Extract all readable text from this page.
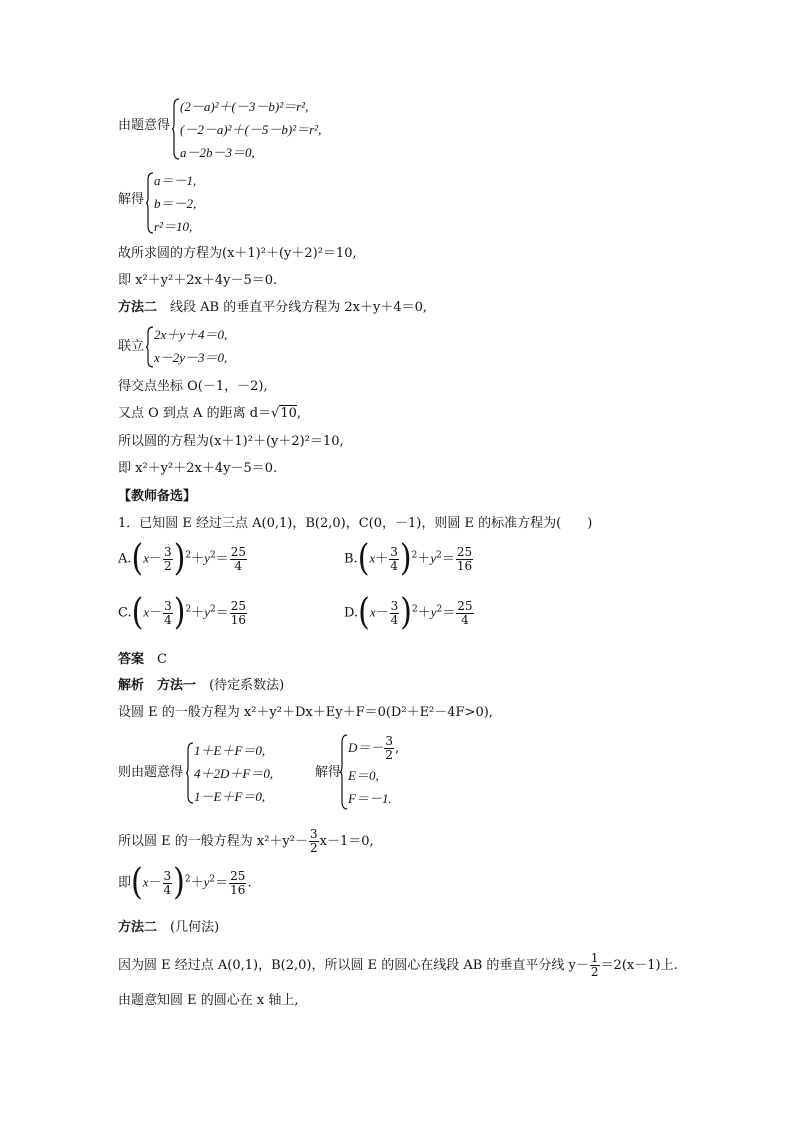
由题意得
(2－a)²＋(－3－b)²＝r²,
(－2－a)²＋(－5－b)²＝r²,
a－2b－3＝0,
解得
a＝－1,
b＝－2,
r²＝10,
故所求圆的方程为(x＋1)²＋(y＋2)²＝10,
即 x²＋y²＋2x＋4y－5＝0.
方法二　 线段 AB 的垂直平分线方程为 2x＋y＋4＝0,
联立
2x＋y＋4＝0,
x－2y－3＝0,
得交点坐标 O(－1，－2),
又点 O 到点 A 的距离 d＝√10,
所以圆的方程为(x＋1)²＋(y＋2)²＝10,
即 x²＋y²＋2x＋4y－5＝0.
【教师备选】
1．已知圆 E 经过三点 A(0,1)，B(2,0)，C(0，－1)，则圆 E 的标准方程为(　　)
$A.(x- \frac{3}{2} )^2+y^2= \frac{25}{4}$	$B.(x+ \frac{3}{4} )^2+y^2= \frac{25}{16}$
$C.(x- \frac{3}{4} )^2+y^2= \frac{25}{16}$	$D.(x- \frac{3}{4} )^2+y^2= \frac{25}{4}$
答案　 C
解析　 方法一　 (待定系数法)
设圆 E 的一般方程为 x²＋y²＋Dx＋Ey＋F＝0(D²＋E²－4F>0),
则由题意得
1＋E＋F＝0,
4＋2D＋F＝0,
1－E＋F＝0,
解得
$D=- \frac{3}{2}$ ,
E＝0,
F＝－1.
所以圆 E 的一般方程为 $x^2+y^2- \frac{3}{2} x-1=0$,
即$(x- \frac{3}{4} )^2+y^2= \frac{25}{16}$ .
方法二　 (几何法)
因为圆 E 经过点 A(0,1)，B(2,0)，所以圆 E 的圆心在线段 AB 的垂直平分线 $y- \frac{1}{2} =2(x-1)$上.
由题意知圆 E 的圆心在 x 轴上,
